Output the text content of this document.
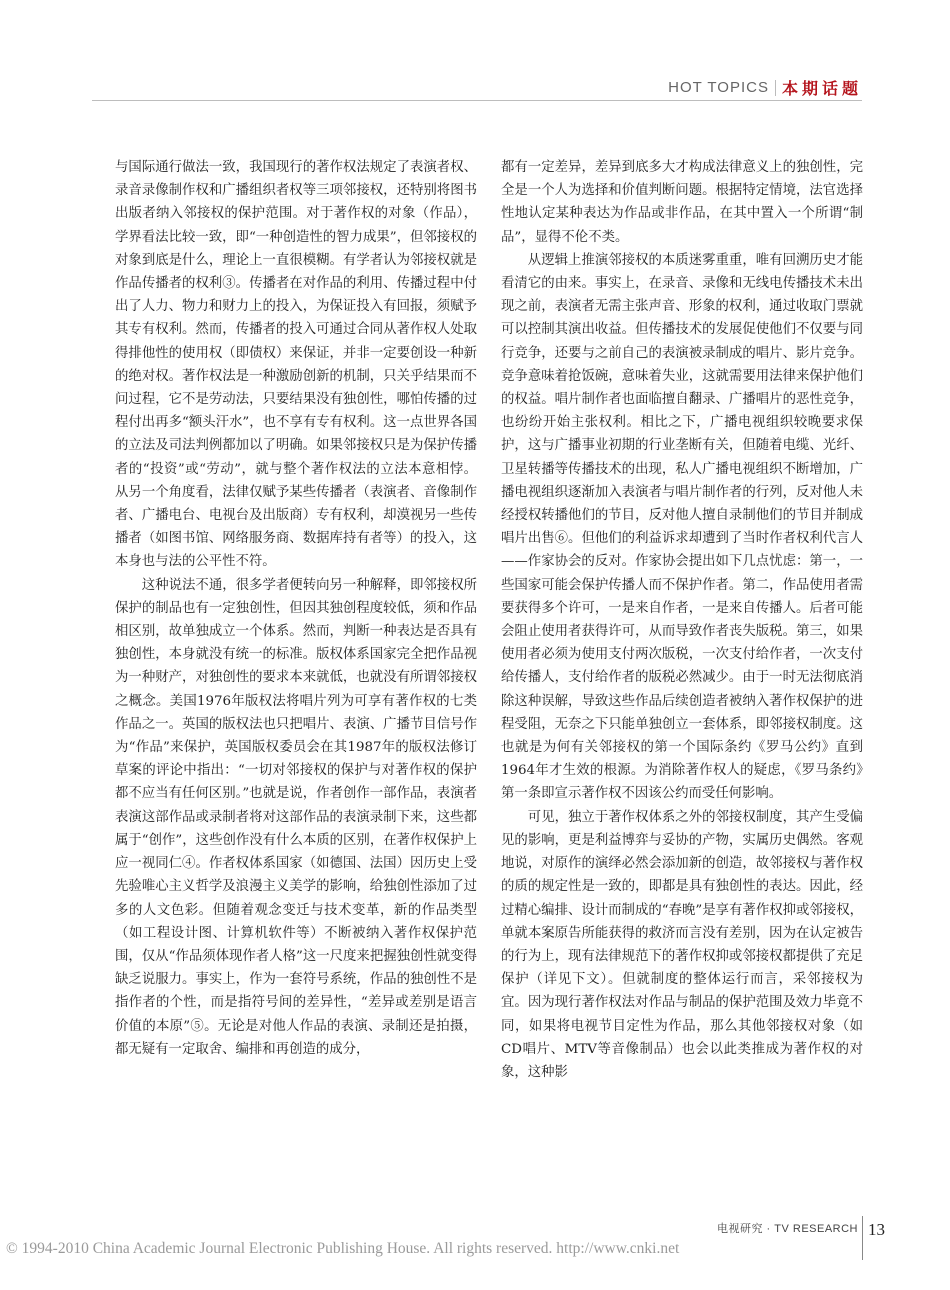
HOT TOPICS 本期话题

与国际通行做法一致，我国现行的著作权法规定了表演者权、录音录像制作权和广播组织者权等三项邻接权，还特别将图书出版者纳入邻接权的保护范围。对于著作权的对象（作品），学界看法比较一致，即“一种创造性的智力成果”，但邻接权的对象到底是什么，理论上一直很模糊。有学者认为邻接权就是作品传播者的权利③。传播者在对作品的利用、传播过程中付出了人力、物力和财力上的投入，为保证投入有回报，须赋予其专有权利。然而，传播者的投入可通过合同从著作权人处取得排他性的使用权（即债权）来保证，并非一定要创设一种新的绝对权。著作权法是一种激励创新的机制，只关乎结果而不问过程，它不是劳动法，只要结果没有独创性，哪怕传播的过程付出再多“额头汗水”，也不享有专有权利。这一点世界各国的立法及司法判例都加以了明确。如果邻接权只是为保护传播者的“投资”或“劳动”，就与整个著作权法的立法本意相悖。从另一个角度看，法律仅赋予某些传播者（表演者、音像制作者、广播电台、电视台及出版商）专有权利，却漠视另一些传播者（如图书馆、网络服务商、数据库持有者等）的投入，这本身也与法的公平性不符。

这种说法不通，很多学者便转向另一种解释，即邻接权所保护的制品也有一定独创性，但因其独创程度较低，须和作品相区别，故单独成立一个体系。然而，判断一种表达是否具有独创性，本身就没有统一的标准。版权体系国家完全把作品视为一种财产，对独创性的要求本来就低，也就没有所谓邻接权之概念。美国1976年版权法将唱片列为可享有著作权的七类作品之一。英国的版权法也只把唱片、表演、广播节目信号作为“作品”来保护，英国版权委员会在其1987年的版权法修订草案的评论中指出：“一切对邻接权的保护与对著作权的保护都不应当有任何区别。”也就是说，作者创作一部作品，表演者表演这部作品或录制者将对这部作品的表演录制下来，这些都属于“创作”，这些创作没有什么本质的区别，在著作权保护上应一视同仁④。作者权体系国家（如德国、法国）因历史上受先验唯心主义哲学及浪漫主义美学的影响，给独创性添加了过多的人文色彩。但随着观念变迁与技术变革，新的作品类型（如工程设计图、计算机软件等）不断被纳入著作权保护范围，仅从“作品须体现作者人格”这一尺度来把握独创性就变得缺乏说服力。事实上，作为一套符号系统，作品的独创性不是指作者的个性，而是指符号间的差异性，“差异或差别是语言价值的本原”⑤。无论是对他人作品的表演、录制还是拍摄，都无疑有一定取舍、编排和再创造的成分，

都有一定差异，差异到底多大才构成法律意义上的独创性，完全是一个人为选择和价值判断问题。根据特定情境，法官选择性地认定某种表达为作品或非作品，在其中置入一个所谓“制品”，显得不伦不类。

从逻辑上推演邻接权的本质迷雾重重，唯有回溯历史才能看清它的由来。事实上，在录音、录像和无线电传播技术未出现之前，表演者无需主张声音、形象的权利，通过收取门票就可以控制其演出收益。但传播技术的发展促使他们不仅要与同行竞争，还要与之前自己的表演被录制成的唱片、影片竞争。竞争意味着抢饭碗，意味着失业，这就需要用法律来保护他们的权益。唱片制作者也面临擅自翻录、广播唱片的恶性竞争，也纷纷开始主张权利。相比之下，广播电视组织较晚要求保护，这与广播事业初期的行业垄断有关，但随着电缆、光纤、卫星转播等传播技术的出现，私人广播电视组织不断增加，广播电视组织逐渐加入表演者与唱片制作者的行列，反对他人未经授权转播他们的节目，反对他人擅自录制他们的节目并制成唱片出售⑥。但他们的利益诉求却遭到了当时作者权利代言人——作家协会的反对。作家协会提出如下几点忧虑：第一，一些国家可能会保护传播人而不保护作者。第二，作品使用者需要获得多个许可，一是来自作者，一是来自传播人。后者可能会阻止使用者获得许可，从而导致作者丧失版税。第三，如果使用者必须为使用支付两次版税，一次支付给作者，一次支付给传播人，支付给作者的版税必然减少。由于一时无法彻底消除这种误解，导致这些作品后续创造者被纳入著作权保护的进程受阻，无奈之下只能单独创立一套体系，即邻接权制度。这也就是为何有关邻接权的第一个国际条约《罗马公约》直到1964年才生效的根源。为消除著作权人的疑虑，《罗马条约》第一条即宣示著作权不因该公约而受任何影响。

可见，独立于著作权体系之外的邻接权制度，其产生受偏见的影响，更是利益博弈与妥协的产物，实属历史偶然。客观地说，对原作的演绎必然会添加新的创造，故邻接权与著作权的质的规定性是一致的，即都是具有独创性的表达。因此，经过精心编排、设计而制成的“春晚”是享有著作权抑或邻接权，单就本案原告所能获得的救济而言没有差别，因为在认定被告的行为上，现有法律规范下的著作权抑或邻接权都提供了充足保护（详见下文）。但就制度的整体运行而言，采邻接权为宜。因为现行著作权法对作品与制品的保护范围及效力毕竟不同，如果将电视节目定性为作品，那么其他邻接权对象（如CD唱片、MTV等音像制品）也会以此类推成为著作权的对象，这种影

电视研究 · TV RESEARCH 13
© 1994-2010 China Academic Journal Electronic Publishing House. All rights reserved. http://www.cnki.net
